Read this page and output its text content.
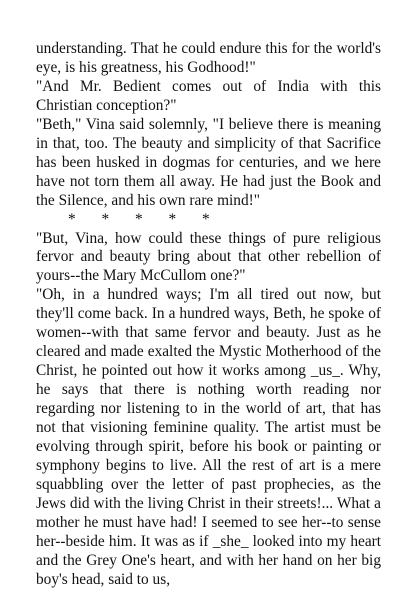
understanding. That he could endure this for the world's eye, is his greatness, his Godhood!"

"And Mr. Bedient comes out of India with this Christian conception?"

"Beth," Vina said solemnly, "I believe there is meaning in that, too. The beauty and simplicity of that Sacrifice has been husked in dogmas for centuries, and we here have not torn them all away. He had just the Book and the Silence, and his own rare mind!"

* * * * *

"But, Vina, how could these things of pure religious fervor and beauty bring about that other rebellion of yours--the Mary McCullom one?"

"Oh, in a hundred ways; I'm all tired out now, but they'll come back. In a hundred ways, Beth, he spoke of women--with that same fervor and beauty. Just as he cleared and made exalted the Mystic Motherhood of the Christ, he pointed out how it works among _us_. Why, he says that there is nothing worth reading nor regarding nor listening to in the world of art, that has not that visioning feminine quality. The artist must be evolving through spirit, before his book or painting or symphony begins to live. All the rest of art is a mere squabbling over the letter of past prophecies, as the Jews did with the living Christ in their streets!... What a mother he must have had! I seemed to see her--to sense her--beside him. It was as if _she_ looked into my heart and the Grey One's heart, and with her hand on her big boy's head, said to us,
